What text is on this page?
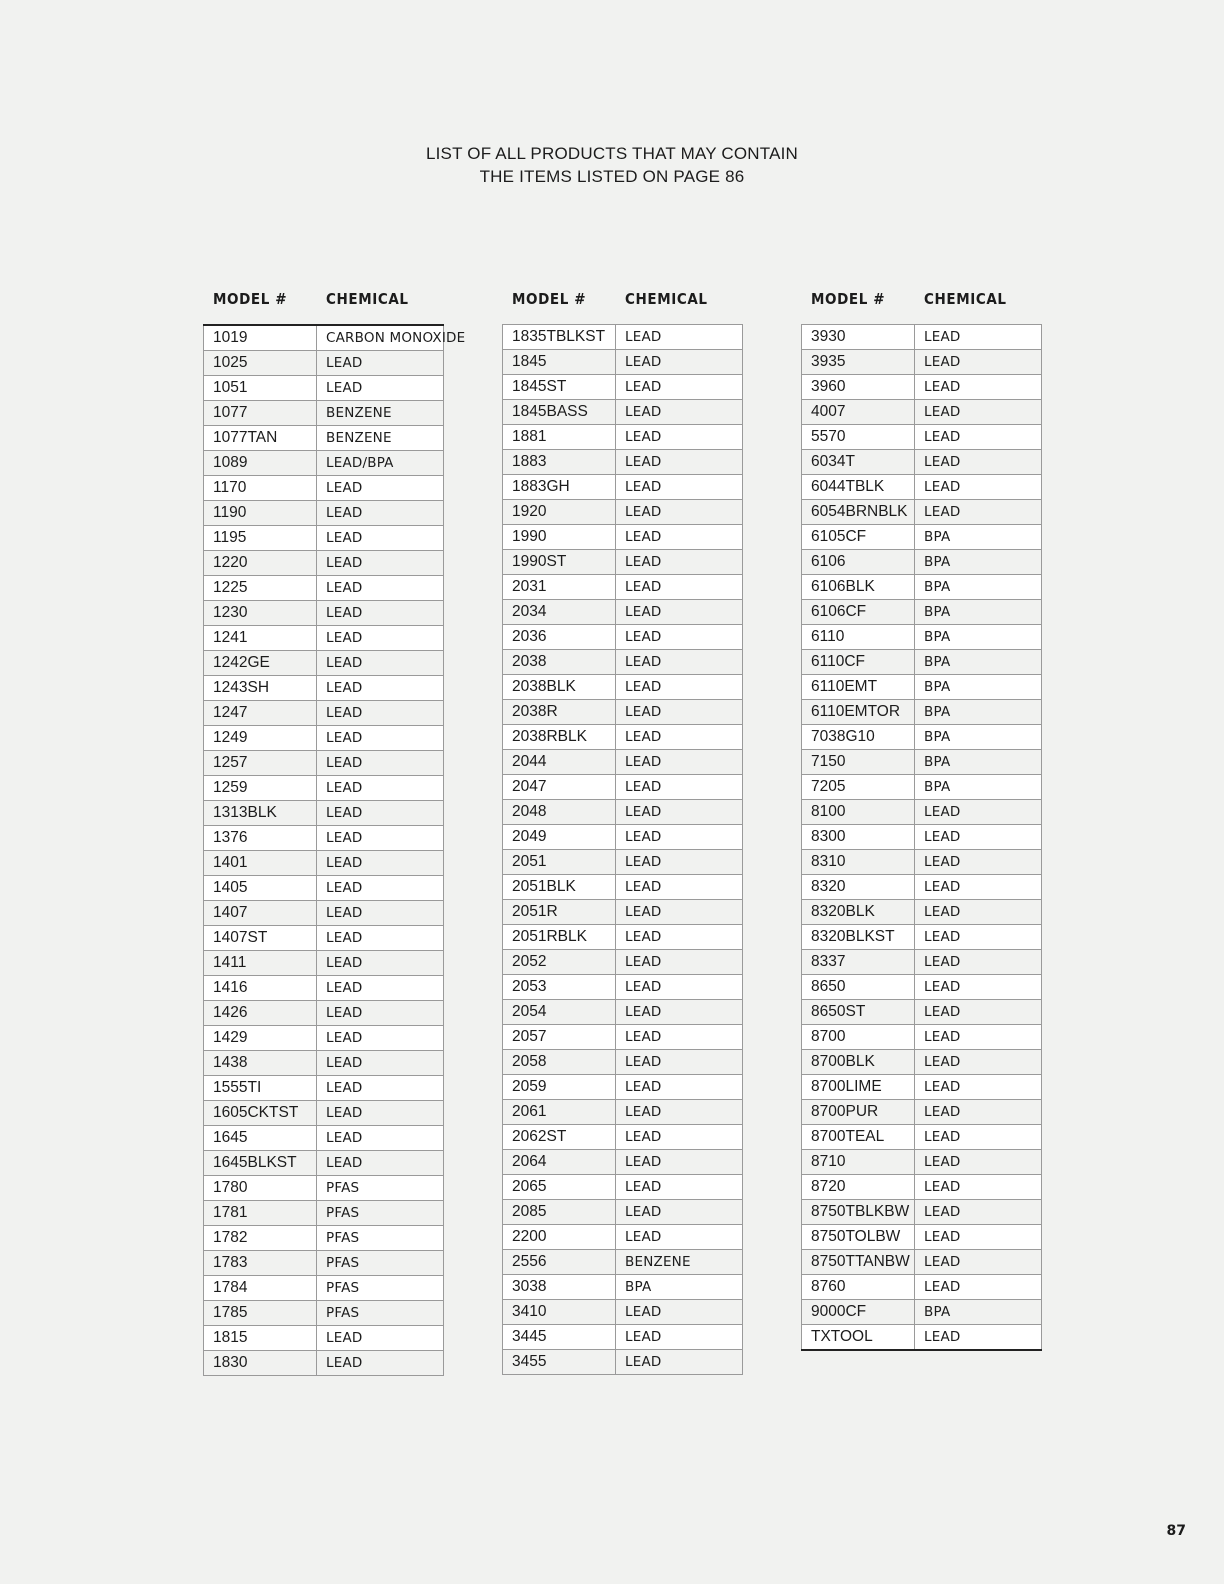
LIST OF ALL PRODUCTS THAT MAY CONTAIN
THE ITEMS LISTED ON PAGE 86
MODEL #	CHEMICAL
1019	CARBON MONOXIDE
1025	LEAD
1051	LEAD
1077	BENZENE
1077TAN	BENZENE
1089	LEAD/BPA
1170	LEAD
1190	LEAD
1195	LEAD
1220	LEAD
1225	LEAD
1230	LEAD
1241	LEAD
1242GE	LEAD
1243SH	LEAD
1247	LEAD
1249	LEAD
1257	LEAD
1259	LEAD
1313BLK	LEAD
1376	LEAD
1401	LEAD
1405	LEAD
1407	LEAD
1407ST	LEAD
1411	LEAD
1416	LEAD
1426	LEAD
1429	LEAD
1438	LEAD
1555TI	LEAD
1605CKTST	LEAD
1645	LEAD
1645BLKST	LEAD
1780	PFAS
1781	PFAS
1782	PFAS
1783	PFAS
1784	PFAS
1785	PFAS
1815	LEAD
1830	LEAD
MODEL #	CHEMICAL
1835TBLKST	LEAD
1845	LEAD
1845ST	LEAD
1845BASS	LEAD
1881	LEAD
1883	LEAD
1883GH	LEAD
1920	LEAD
1990	LEAD
1990ST	LEAD
2031	LEAD
2034	LEAD
2036	LEAD
2038	LEAD
2038BLK	LEAD
2038R	LEAD
2038RBLK	LEAD
2044	LEAD
2047	LEAD
2048	LEAD
2049	LEAD
2051	LEAD
2051BLK	LEAD
2051R	LEAD
2051RBLK	LEAD
2052	LEAD
2053	LEAD
2054	LEAD
2057	LEAD
2058	LEAD
2059	LEAD
2061	LEAD
2062ST	LEAD
2064	LEAD
2065	LEAD
2085	LEAD
2200	LEAD
2556	BENZENE
3038	BPA
3410	LEAD
3445	LEAD
3455	LEAD
MODEL #	CHEMICAL
3930	LEAD
3935	LEAD
3960	LEAD
4007	LEAD
5570	LEAD
6034T	LEAD
6044TBLK	LEAD
6054BRNBLK	LEAD
6105CF	BPA
6106	BPA
6106BLK	BPA
6106CF	BPA
6110	BPA
6110CF	BPA
6110EMT	BPA
6110EMTOR	BPA
7038G10	BPA
7150	BPA
7205	BPA
8100	LEAD
8300	LEAD
8310	LEAD
8320	LEAD
8320BLK	LEAD
8320BLKST	LEAD
8337	LEAD
8650	LEAD
8650ST	LEAD
8700	LEAD
8700BLK	LEAD
8700LIME	LEAD
8700PUR	LEAD
8700TEAL	LEAD
8710	LEAD
8720	LEAD
8750TBLKBW	LEAD
8750TOLBW	LEAD
8750TTANBW	LEAD
8760	LEAD
9000CF	BPA
TXTOOL	LEAD
87
